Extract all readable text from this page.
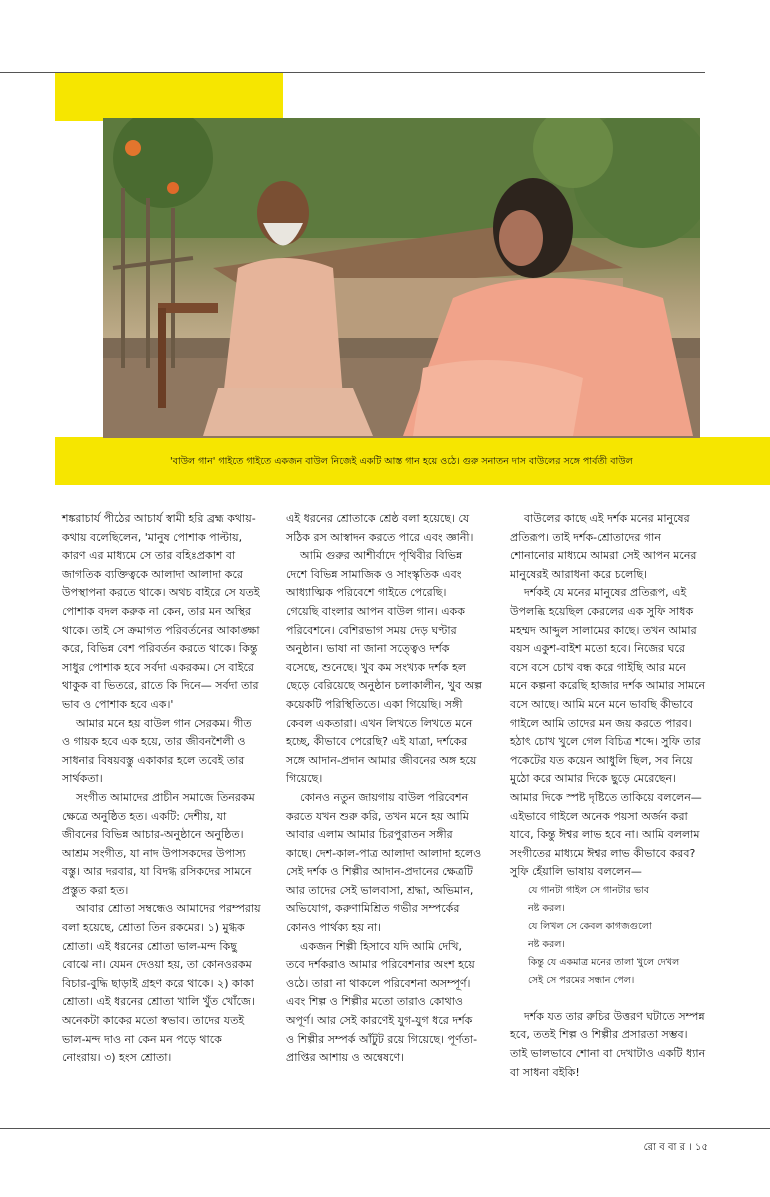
'বাউল গান' গাইতে গাইতে একজন বাউল নিজেই একটি আস্ত গান হয়ে ওঠে। গুরু সনাতন দাস বাউলের সঙ্গে পার্বতী বাউল

শঙ্করাচার্য পীঠের আচার্য স্বামী হরি ব্রহ্ম কথায়-কথায় বলেছিলেন, 'মানুষ পোশাক পাল্টায়, কারণ এর মাধ্যমে সে তার বহিঃপ্রকাশ বা জাগতিক ব্যক্তিত্বকে আলাদা আলাদা করে উপস্থাপনা করতে থাকে। অথচ বাইরে সে যতই পোশাক বদল করুক না কেন, তার মন অস্থির থাকে। তাই সে ক্রমাগত পরিবর্তনের আকাঙ্ক্ষা করে, বিভিন্ন বেশ পরিবর্তন করতে থাকে। কিন্তু সাধুর পোশাক হবে সর্বদা একরকম। সে বাইরে থাকুক বা ভিতরে, রাতে কি দিনে— সর্বদা তার ভাব ও পোশাক হবে এক।'

আমার মনে হয় বাউল গান সেরকম। গীত ও গায়ক হবে এক হয়ে, তার জীবনশৈলী ও সাধনার বিষয়বস্তু একাকার হলে তবেই তার সার্থকতা।

সংগীত আমাদের প্রাচীন সমাজে তিনরকম ক্ষেত্রে অনুষ্ঠিত হত। একটি: দেশীয়, যা জীবনের বিভিন্ন আচার-অনুষ্ঠানে অনুষ্ঠিত। আশ্রম সংগীত, যা নাদ উপাসকদের উপাস্য বস্তু। আর দরবার, যা বিদগ্ধ রসিকদের সামনে প্রস্তুত করা হত।

আবার শ্রোতা সম্বন্ধেও আমাদের পরম্পরায় বলা হয়েছে, শ্রোতা তিন রকমের। ১) মুগ্ধক শ্রোতা। এই ধরনের শ্রোতা ভাল-মন্দ কিছু বোঝে না। যেমন দেওয়া হয়, তা কোনওরকম বিচার-বুদ্ধি ছাড়াই গ্রহণ করে থাকে। ২) কাকা শ্রোতা। এই ধরনের শ্রোতা খালি খুঁত খোঁজে। অনেকটা কাকের মতো স্বভাব। তাদের যতই ভাল-মন্দ দাও না কেন মন পড়ে থাকে নোংরায়। ৩) হংস শ্রোতা।

এই ধরনের শ্রোতাকে শ্রেষ্ঠ বলা হয়েছে। যে সঠিক রস আস্বাদন করতে পারে এবং জ্ঞানী।

আমি গুরুর আশীর্বাদে পৃথিবীর বিভিন্ন দেশে বিভিন্ন সামাজিক ও সাংস্কৃতিক এবং আধ্যাত্মিক পরিবেশে গাইতে পেরেছি। গেয়েছি বাংলার আপন বাউল গান। একক পরিবেশনে। বেশিরভাগ সময় দেড় ঘণ্টার অনুষ্ঠান। ভাষা না জানা সত্ত্বেও দর্শক বসেছে, শুনেছে। খুব কম সংখ্যক দর্শক হল ছেড়ে বেরিয়েছে অনুষ্ঠান চলাকালীন, খুব অল্প কয়েকটি পরিস্থিতিতে। একা গিয়েছি। সঙ্গী কেবল একতারা। এখন লিখতে লিখতে মনে হচ্ছে, কীভাবে পেরেছি? এই যাত্রা, দর্শকের সঙ্গে আদান-প্রদান আমার জীবনের অঙ্গ হয়ে গিয়েছে।

কোনও নতুন জায়গায় বাউল পরিবেশন করতে যখন শুরু করি, তখন মনে হয় আমি আবার এলাম আমার চিরপুরাতন সঙ্গীর কাছে। দেশ-কাল-পাত্র আলাদা আলাদা হলেও সেই দর্শক ও শিল্পীর আদান-প্রদানের ক্ষেত্রটি আর তাদের সেই ভালবাসা, শ্রদ্ধা, অভিমান, অভিযোগ, করুণামিশ্রিত গভীর সম্পর্কের কোনও পার্থক্য হয় না।

একজন শিল্পী হিসাবে যদি আমি দেখি, তবে দর্শকরাও আমার পরিবেশনার অংশ হয়ে ওঠে। তারা না থাকলে পরিবেশনা অসম্পূর্ণ। এবং শিল্প ও শিল্পীর মতো তারাও কোথাও অপূর্ণ। আর সেই কারণেই যুগ-যুগ ধরে দর্শক ও শিল্পীর সম্পর্ক আঁটুট রয়ে গিয়েছে। পূর্ণতা-প্রাপ্তির আশায় ও অন্বেষণে।

বাউলের কাছে এই দর্শক মনের মানুষের প্রতিরূপ। তাই দর্শক-শ্রোতাদের গান শোনানোর মাধ্যমে আমরা সেই আপন মনের মানুষেরই আরাধনা করে চলেছি।

দর্শকই যে মনের মানুষের প্রতিরূপ, এই উপলব্ধি হয়েছিল কেরলের এক সুফি সাধক মহম্মদ আব্দুল সালামের কাছে। তখন আমার বয়স একুশ-বাইশ মতো হবে। নিজের ঘরে বসে বসে চোখ বন্ধ করে গাইছি আর মনে মনে কল্পনা করেছি হাজার দর্শক আমার সামনে বসে আছে। আমি মনে মনে ভাবছি কীভাবে গাইলে আমি তাদের মন জয় করতে পারব। হঠাৎ চোখ খুলে গেল বিচিত্র শব্দে। সুফি তার পকেটের যত কয়েন আধুলি ছিল, সব নিয়ে মুঠো করে আমার দিকে ছুড়ে মেরেছেন। আমার দিকে স্পষ্ট দৃষ্টিতে তাকিয়ে বললেন— এইভাবে গাইলে অনেক পয়সা অর্জন করা যাবে, কিন্তু ঈশ্বর লাভ হবে না। আমি বললাম সংগীতের মাধ্যমে ঈশ্বর লাভ কীভাবে করব? সুফি হেঁয়ালি ভাষায় বললেন—

যে গানটা গাইল সে গানটার ভাব
নষ্ট করল।
যে লিখল সে কেবল কাগজগুলো
নষ্ট করল।
কিন্তু যে একমাত্র মনের তালা খুলে দেখল
সেই সে পরমের সন্ধান পেল।

দর্শক যত তার রুচির উত্তরণ ঘটাতে সম্পন্ন হবে, ততই শিল্প ও শিল্পীর প্রসারতা সম্ভব। তাই ভালভাবে শোনা বা দেখাটাও একটি ধ্যান বা সাধনা বইকি!

রো ব বা র । ১৫
